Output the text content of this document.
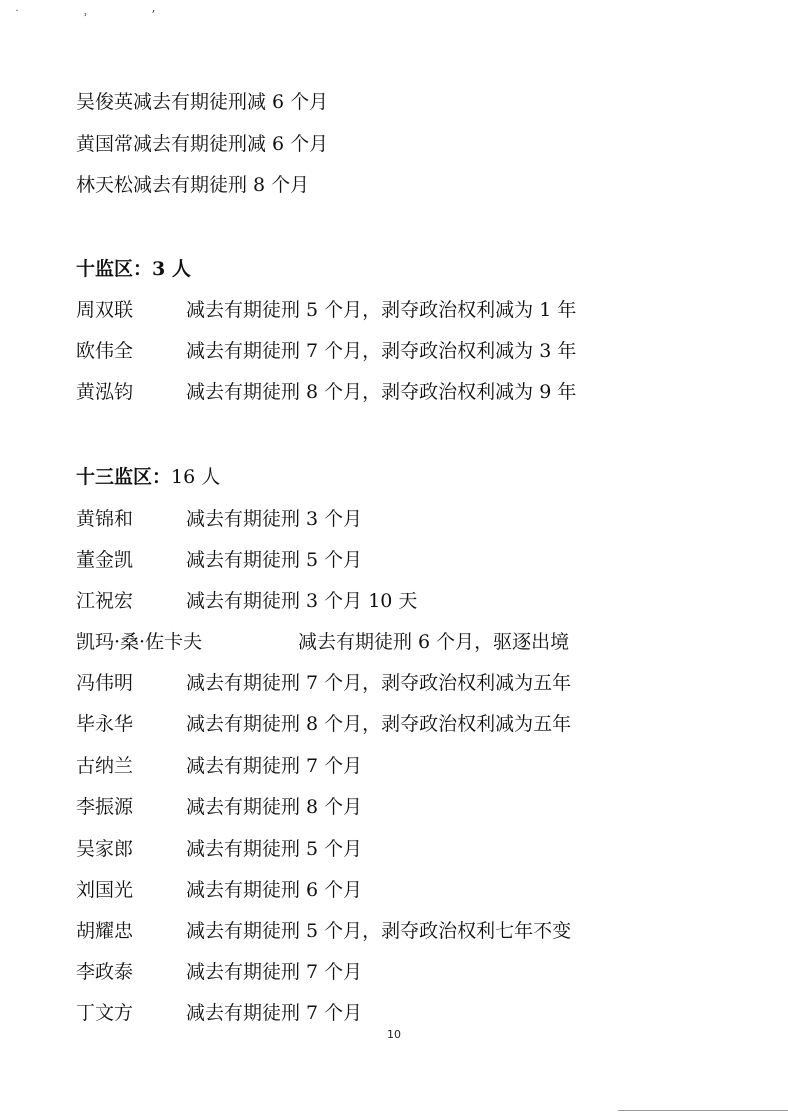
˙ ˒ ’
吴俊英减去有期徒刑减 6 个月
黄国常减去有期徒刑减 6 个月
林天松减去有期徒刑 8 个月
十监区：3 人
周双联	减去有期徒刑 5 个月，剥夺政治权利减为 1 年
欧伟全	减去有期徒刑 7 个月，剥夺政治权利减为 3 年
黄泓钧	减去有期徒刑 8 个月，剥夺政治权利减为 9 年
十三监区：16 人
黄锦和	减去有期徒刑 3 个月
董金凯	减去有期徒刑 5 个月
江祝宏	减去有期徒刑 3 个月 10 天
凯玛·桑·佐卡夫	减去有期徒刑 6 个月，驱逐出境
冯伟明	减去有期徒刑 7 个月，剥夺政治权利减为五年
毕永华	减去有期徒刑 8 个月，剥夺政治权利减为五年
古纳兰	减去有期徒刑 7 个月
李振源	减去有期徒刑 8 个月
吴家郎	减去有期徒刑 5 个月
刘国光	减去有期徒刑 6 个月
胡耀忠	减去有期徒刑 5 个月，剥夺政治权利七年不变
李政泰	减去有期徒刑 7 个月
丁文方	减去有期徒刑 7 个月
10
